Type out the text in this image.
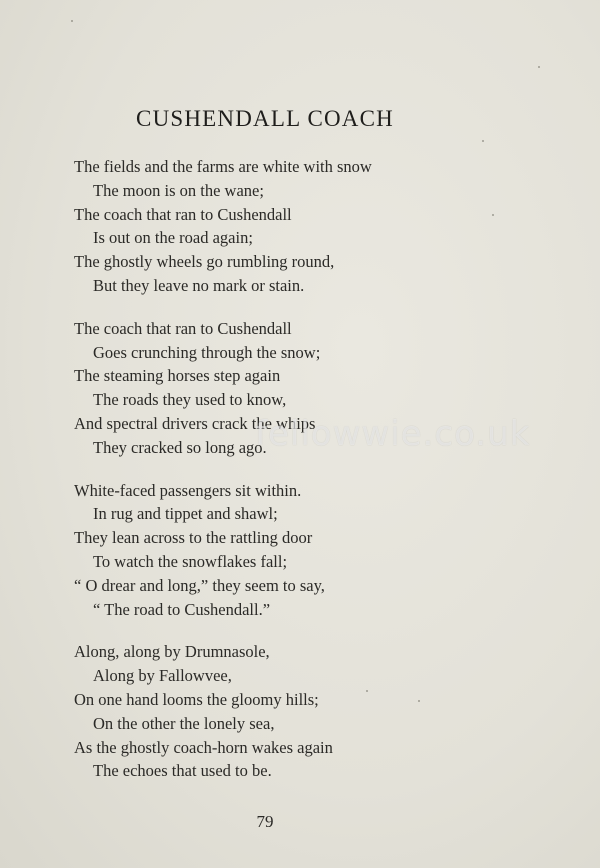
CUSHENDALL COACH
The fields and the farms are white with snow
The moon is on the wane;
The coach that ran to Cushendall
Is out on the road again;
The ghostly wheels go rumbling round,
But they leave no mark or stain.
The coach that ran to Cushendall
Goes crunching through the snow;
The steaming horses step again
The roads they used to know,
And spectral drivers crack the whips
They cracked so long ago.
White-faced passengers sit within.
In rug and tippet and shawl;
They lean across to the rattling door
To watch the snowflakes fall;
“ O drear and long,” they seem to say,
“ The road to Cushendall.”
Along, along by Drumnasole,
Along by Fallowvee,
On one hand looms the gloomy hills;
On the other the lonely sea,
As the ghostly coach-horn wakes again
The echoes that used to be.
fellowwie.co.uk
79
